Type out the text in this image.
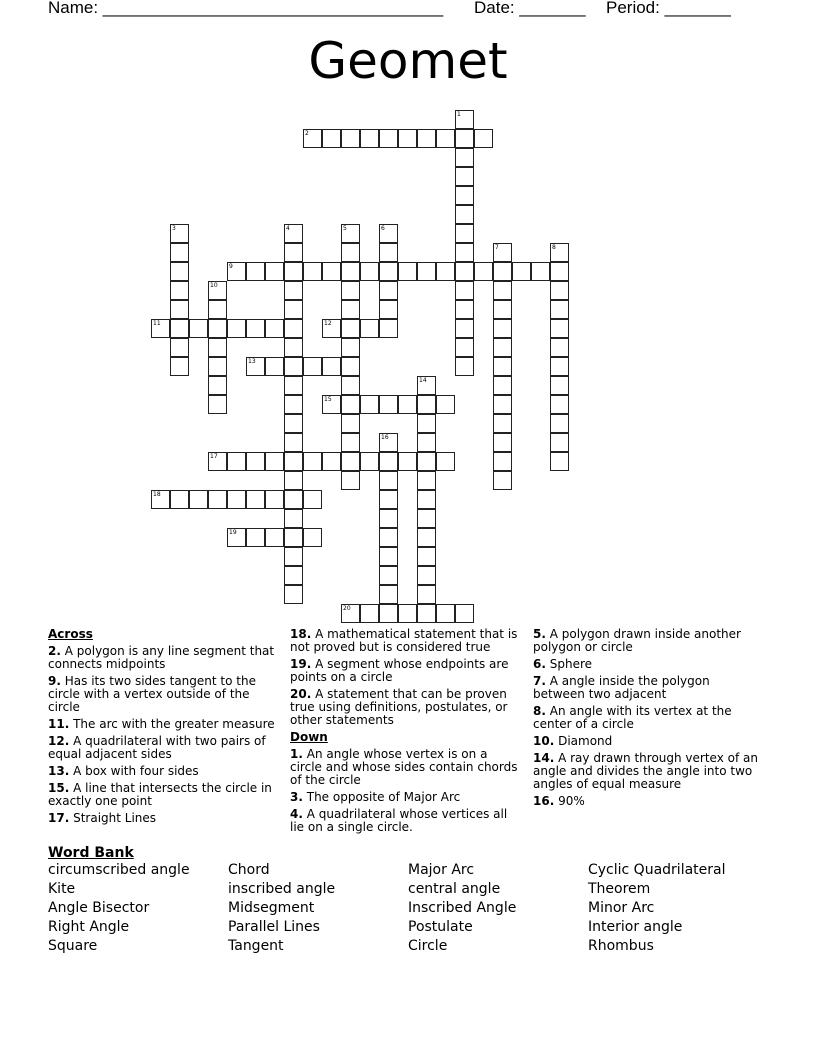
Name: ____________________________________ Date: _______ Period: _______
Geomet
1
2
3	4	5	6
7	8
9
10
11	12
13
14
15
16
17
18
19
20
Across
2. A polygon is any line segment that connects midpoints
9. Has its two sides tangent to the circle with a vertex outside of the circle
11. The arc with the greater measure
12. A quadrilateral with two pairs of equal adjacent sides
13. A box with four sides
15. A line that intersects the circle in exactly one point
17. Straight Lines
18. A mathematical statement that is not proved but is considered true
19. A segment whose endpoints are points on a circle
20. A statement that can be proven true using definitions, postulates, or other statements
Down
1. An angle whose vertex is on a circle and whose sides contain chords of the circle
3. The opposite of Major Arc
4. A quadrilateral whose vertices all lie on a single circle.
5. A polygon drawn inside another polygon or circle
6. Sphere
7. A angle inside the polygon between two adjacent
8. An angle with its vertex at the center of a circle
10. Diamond
14. A ray drawn through vertex of an angle and divides the angle into two angles of equal measure
16. 90%
Word Bank
circumscribed angle
Kite
Angle Bisector
Right Angle
Square
Chord
inscribed angle
Midsegment
Parallel Lines
Tangent
Major Arc
central angle
Inscribed Angle
Postulate
Circle
Cyclic Quadrilateral
Theorem
Minor Arc
Interior angle
Rhombus
